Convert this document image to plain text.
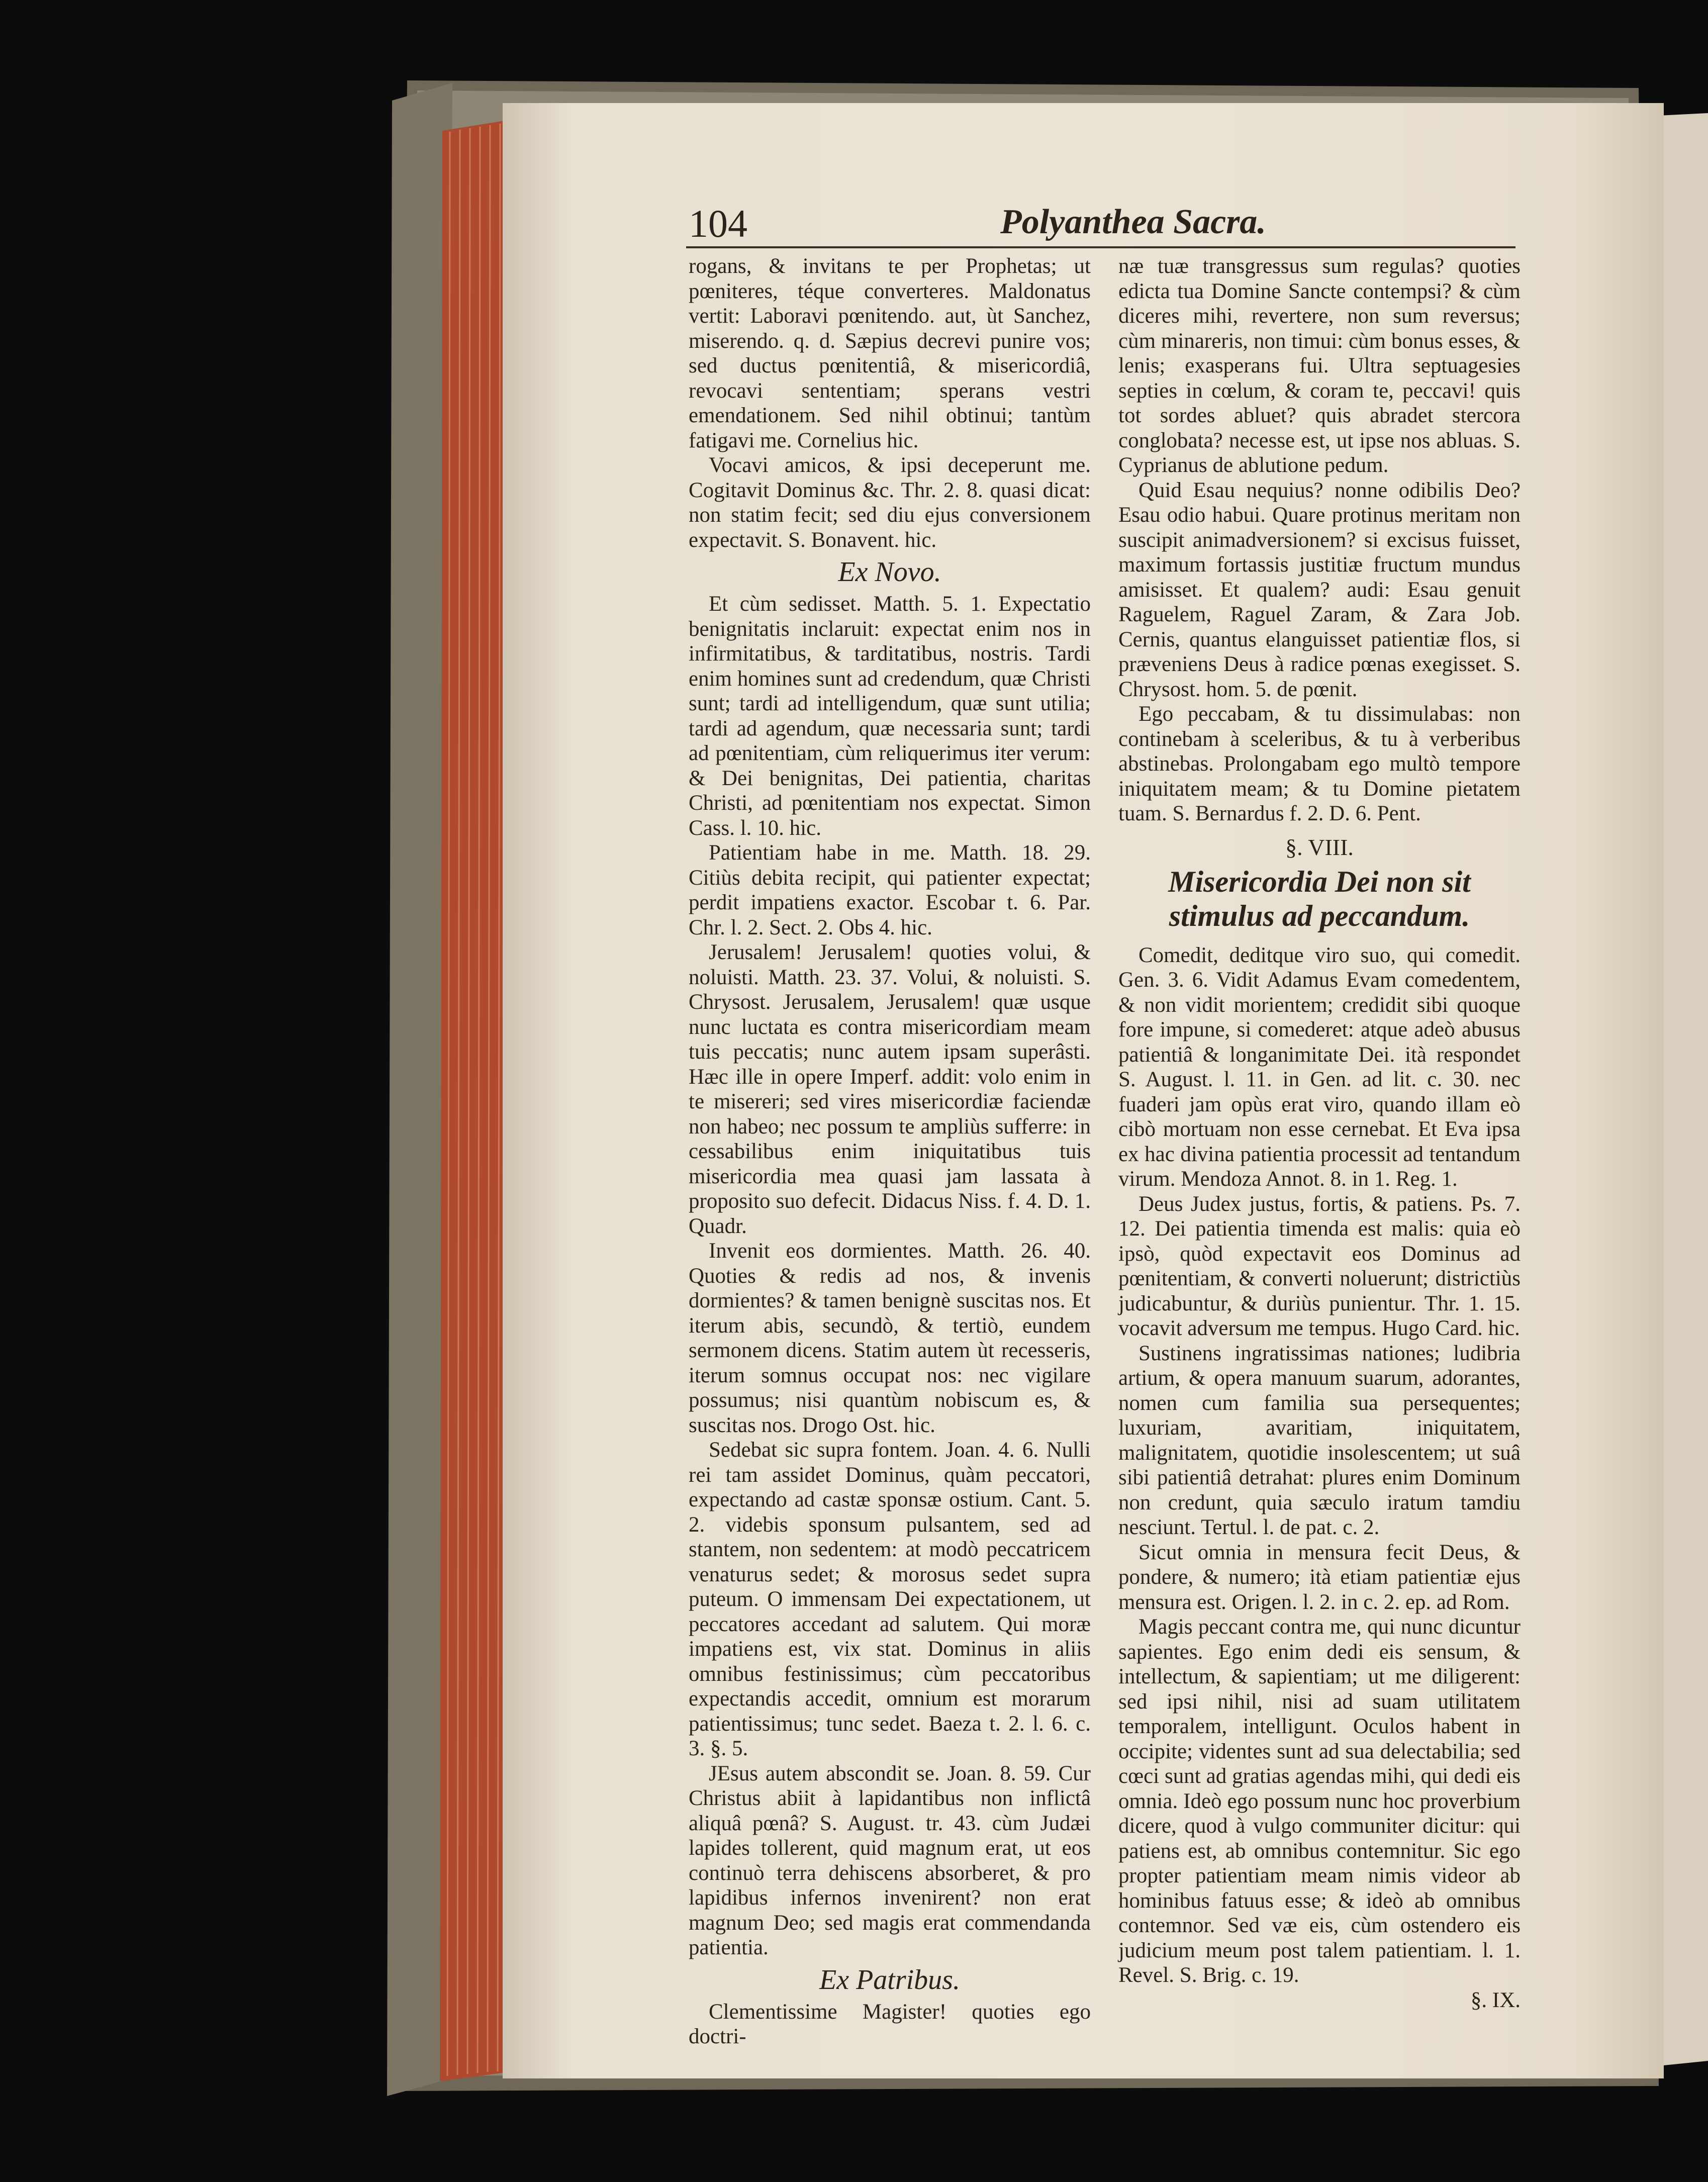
104	Polyanthea Sacra.

rogans, & invitans te per Prophetas; ut pœniteres, téque converteres. Maldonatus vertit: Laboravi pœnitendo. aut, ùt Sanchez, miserendo. q. d. Sæpius decrevi punire vos; sed ductus pœnitentiâ, & misericordiâ, revocavi sententiam; sperans vestri emendationem. Sed nihil obtinui; tantùm fatigavi me. Cornelius hic.

Vocavi amicos, & ipsi deceperunt me. Cogitavit Dominus &c. Thr. 2. 8. quasi dicat: non statim fecit; sed diu ejus conversionem expectavit. S. Bonavent. hic.

Ex Novo.

Et cùm sedisset. Matth. 5. 1. Expectatio benignitatis inclaruit: expectat enim nos in infirmitatibus, & tarditatibus, nostris. Tardi enim homines sunt ad credendum, quæ Christi sunt; tardi ad intelligendum, quæ sunt utilia; tardi ad agendum, quæ necessaria sunt; tardi ad pœnitentiam, cùm reliquerimus iter verum: & Dei benignitas, Dei patientia, charitas Christi, ad pœnitentiam nos expectat. Simon Cass. l. 10. hic.

Patientiam habe in me. Matth. 18. 29. Citiùs debita recipit, qui patienter expectat; perdit impatiens exactor. Escobar t. 6. Par. Chr. l. 2. Sect. 2. Obs 4. hic.

Jerusalem! Jerusalem! quoties volui, & noluisti. Matth. 23. 37. Volui, & noluisti. S. Chrysost. Jerusalem, Jerusalem! quæ usque nunc luctata es contra misericordiam meam tuis peccatis; nunc autem ipsam superâsti. Hæc ille in opere Imperf. addit: volo enim in te misereri; sed vires misericordiæ faciendæ non habeo; nec possum te ampliùs sufferre: in cessabilibus enim iniquitatibus tuis misericordia mea quasi jam lassata à proposito suo defecit. Didacus Niss. f. 4. D. 1. Quadr.

Invenit eos dormientes. Matth. 26. 40. Quoties & redis ad nos, & invenis dormientes? & tamen benignè suscitas nos. Et iterum abis, secundò, & tertiò, eundem sermonem dicens. Statim autem ùt recesseris, iterum somnus occupat nos: nec vigilare possumus; nisi quantùm nobiscum es, & suscitas nos. Drogo Ost. hic.

Sedebat sic supra fontem. Joan. 4. 6. Nulli rei tam assidet Dominus, quàm peccatori, expectando ad castæ sponsæ ostium. Cant. 5. 2. videbis sponsum pulsantem, sed ad stantem, non sedentem: at modò peccatricem venaturus sedet; & morosus sedet supra puteum. O immensam Dei expectationem, ut peccatores accedant ad salutem. Qui moræ impatiens est, vix stat. Dominus in aliis omnibus festinissimus; cùm peccatoribus expectandis accedit, omnium est morarum patientissimus; tunc sedet. Baeza t. 2. l. 6. c. 3. §. 5.

JEsus autem abscondit se. Joan. 8. 59. Cur Christus abiit à lapidantibus non inflictâ aliquâ pœnâ? S. August. tr. 43. cùm Judæi lapides tollerent, quid magnum erat, ut eos continuò terra dehiscens absorberet, & pro lapidibus infernos invenirent? non erat magnum Deo; sed magis erat commendanda patientia.

Ex Patribus.

Clementissime Magister! quoties ego doctri-

næ tuæ transgressus sum regulas? quoties edicta tua Domine Sancte contempsi? & cùm diceres mihi, revertere, non sum reversus; cùm minareris, non timui: cùm bonus esses, & lenis; exasperans fui. Ultra septuagesies septies in cœlum, & coram te, peccavi! quis tot sordes abluet? quis abradet stercora conglobata? necesse est, ut ipse nos abluas. S. Cyprianus de ablutione pedum.

Quid Esau nequius? nonne odibilis Deo? Esau odio habui. Quare protinus meritam non suscipit animadversionem? si excisus fuisset, maximum fortassis justitiæ fructum mundus amisisset. Et qualem? audi: Esau genuit Raguelem, Raguel Zaram, & Zara Job. Cernis, quantus elanguisset patientiæ flos, si præveniens Deus à radice pœnas exegisset. S. Chrysost. hom. 5. de pœnit.

Ego peccabam, & tu dissimulabas: non continebam à sceleribus, & tu à verberibus abstinebas. Prolongabam ego multò tempore iniquitatem meam; & tu Domine pietatem tuam. S. Bernardus f. 2. D. 6. Pent.

§. VIII.
Misericordia Dei non sit stimulus ad peccandum.

Comedit, deditque viro suo, qui comedit. Gen. 3. 6. Vidit Adamus Evam comedentem, & non vidit morientem; credidit sibi quoque fore impune, si comederet: atque adeò abusus patientiâ & longanimitate Dei. ità respondet S. August. l. 11. in Gen. ad lit. c. 30. nec fuaderi jam opùs erat viro, quando illam eò cibò mortuam non esse cernebat. Et Eva ipsa ex hac divina patientia processit ad tentandum virum. Mendoza Annot. 8. in 1. Reg. 1.

Deus Judex justus, fortis, & patiens. Ps. 7. 12. Dei patientia timenda est malis: quia eò ipsò, quòd expectavit eos Dominus ad pœnitentiam, & converti noluerunt; districtiùs judicabuntur, & duriùs punientur. Thr. 1. 15. vocavit adversum me tempus. Hugo Card. hic.

Sustinens ingratissimas nationes; ludibria artium, & opera manuum suarum, adorantes, nomen cum familia sua persequentes; luxuriam, avaritiam, iniquitatem, malignitatem, quotidie insolescentem; ut suâ sibi patientiâ detrahat: plures enim Dominum non credunt, quia sæculo iratum tamdiu nesciunt. Tertul. l. de pat. c. 2.

Sicut omnia in mensura fecit Deus, & pondere, & numero; ità etiam patientiæ ejus mensura est. Origen. l. 2. in c. 2. ep. ad Rom.

Magis peccant contra me, qui nunc dicuntur sapientes. Ego enim dedi eis sensum, & intellectum, & sapientiam; ut me diligerent: sed ipsi nihil, nisi ad suam utilitatem temporalem, intelligunt. Oculos habent in occipite; videntes sunt ad sua delectabilia; sed cœci sunt ad gratias agendas mihi, qui dedi eis omnia. Ideò ego possum nunc hoc proverbium dicere, quod à vulgo communiter dicitur: qui patiens est, ab omnibus contemnitur. Sic ego propter patientiam meam nimis videor ab hominibus fatuus esse; & ideò ab omnibus contemnor. Sed væ eis, cùm ostendero eis judicium meum post talem patientiam. l. 1. Revel. S. Brig. c. 19.

§. IX.
